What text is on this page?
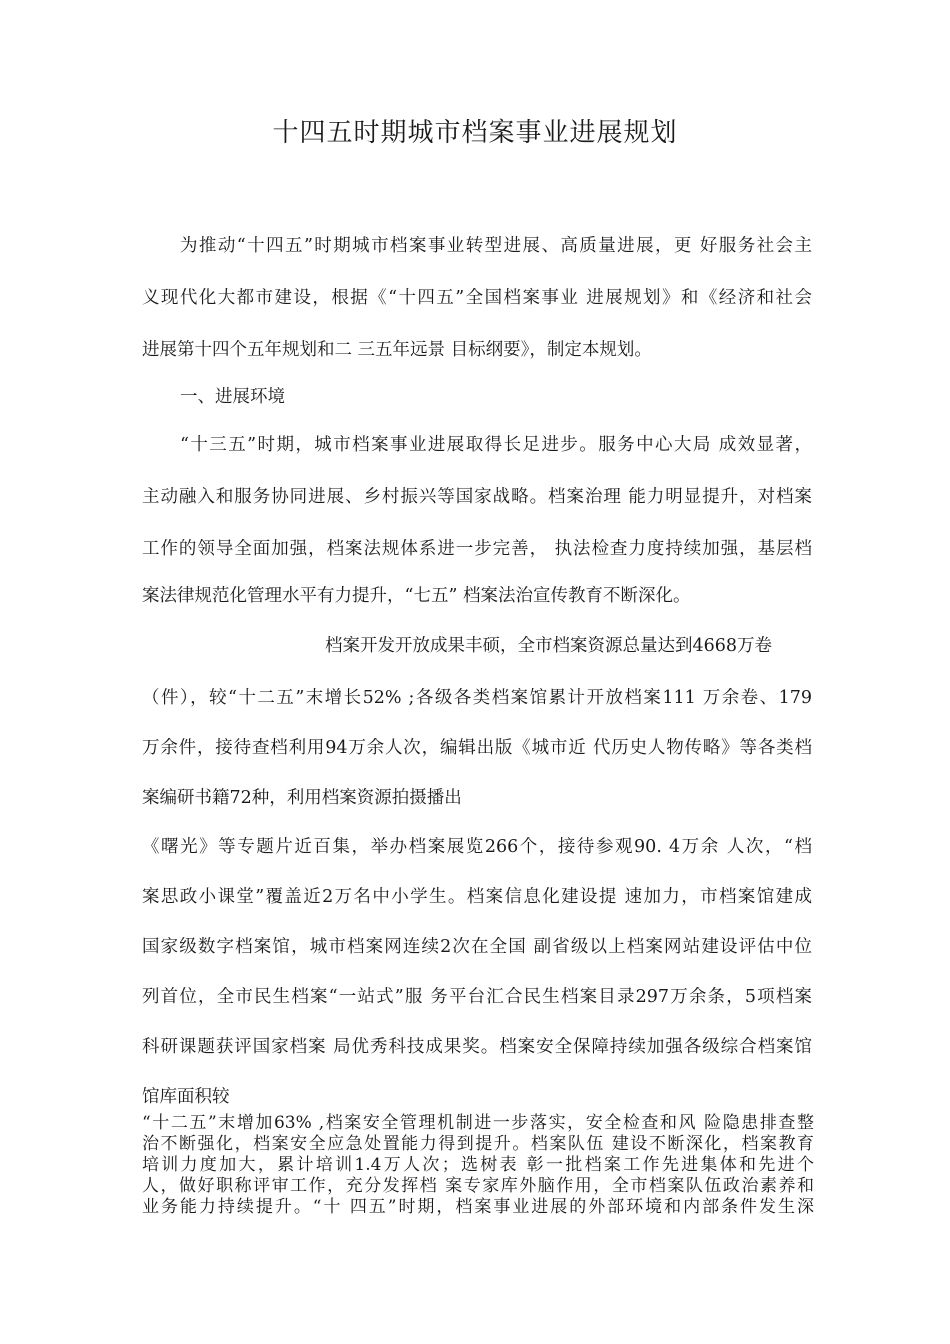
十四五时期城市档案事业进展规划
为推动“十四五”时期城市档案事业转型进展、高质量进展，更 好服务社会主
义现代化大都市建设，根据《“十四五”全国档案事业 进展规划》和《经济和社会
进展第十四个五年规划和二 三五年远景 目标纲要》，制定本规划。
一、进展环境
“十三五”时期，城市档案事业进展取得长足进步。服务中心大局 成效显著，
主动融入和服务协同进展、乡村振兴等国家战略。档案治理 能力明显提升，对档案
工作的领导全面加强，档案法规体系进一步完善， 执法检查力度持续加强，基层档
案法律规范化管理水平有力提升，“七五” 档案法治宣传教育不断深化。
档案开发开放成果丰硕，全市档案资源总量达到4668万卷
（件），较“十二五”末增长52% ;各级各类档案馆累计开放档案111 万余卷、179
万余件，接待查档利用94万余人次，编辑出版《城市近 代历史人物传略》等各类档
案编研书籍72种，利用档案资源拍摄播出
《曙光》等专题片近百集，举办档案展览266个，接待参观90. 4万余 人次，“档
案思政小课堂”覆盖近2万名中小学生。档案信息化建设提 速加力，市档案馆建成
国家级数字档案馆，城市档案网连续2次在全国 副省级以上档案网站建设评估中位
列首位，全市民生档案“一站式”服 务平台汇合民生档案目录297万余条，5项档案
科研课题获评国家档案 局优秀科技成果奖。档案安全保障持续加强各级综合档案馆
馆库面积较
“十二五”末增加63% ,档案安全管理机制进一步落实，安全检查和风 险隐患排查整
治不断强化，档案安全应急处置能力得到提升。档案队伍 建设不断深化，档案教育
培训力度加大，累计培训1.4万人次；选树表 彰一批档案工作先进集体和先进个
人，做好职称评审工作，充分发挥档 案专家库外脑作用，全市档案队伍政治素养和
业务能力持续提升。“十 四五”时期，档案事业进展的外部环境和内部条件发生深
